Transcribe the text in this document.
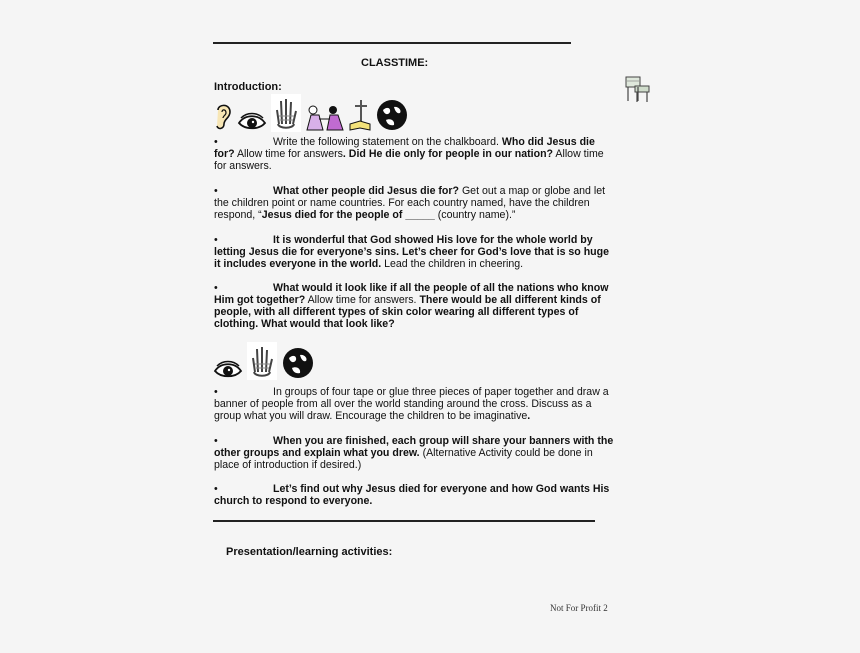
CLASSTIME:
Introduction:
•	Write the following statement on the chalkboard. Who did Jesus die for? Allow time for answers. Did He die only for people in our nation? Allow time for answers.
•	What other people did Jesus die for? Get out a map or globe and let the children point or name countries. For each country named, have the children respond, “Jesus died for the people of _____ (country name).”
•	It is wonderful that God showed His love for the whole world by letting Jesus die for everyone’s sins. Let’s cheer for God’s love that is so huge it includes everyone in the world. Lead the children in cheering.
•	What would it look like if all the people of all the nations who know Him got together? Allow time for answers. There would be all different kinds of people, with all different types of skin color wearing all different types of clothing. What would that look like?
•	In groups of four tape or glue three pieces of paper together and draw a banner of people from all over the world standing around the cross. Discuss as a group what you will draw. Encourage the children to be imaginative.
•	When you are finished, each group will share your banners with the other groups and explain what you drew. (Alternative Activity could be done in place of introduction if desired.)
•	Let’s find out why Jesus died for everyone and how God wants His church to respond to everyone.
Presentation/learning activities:
Not For Profit 2
